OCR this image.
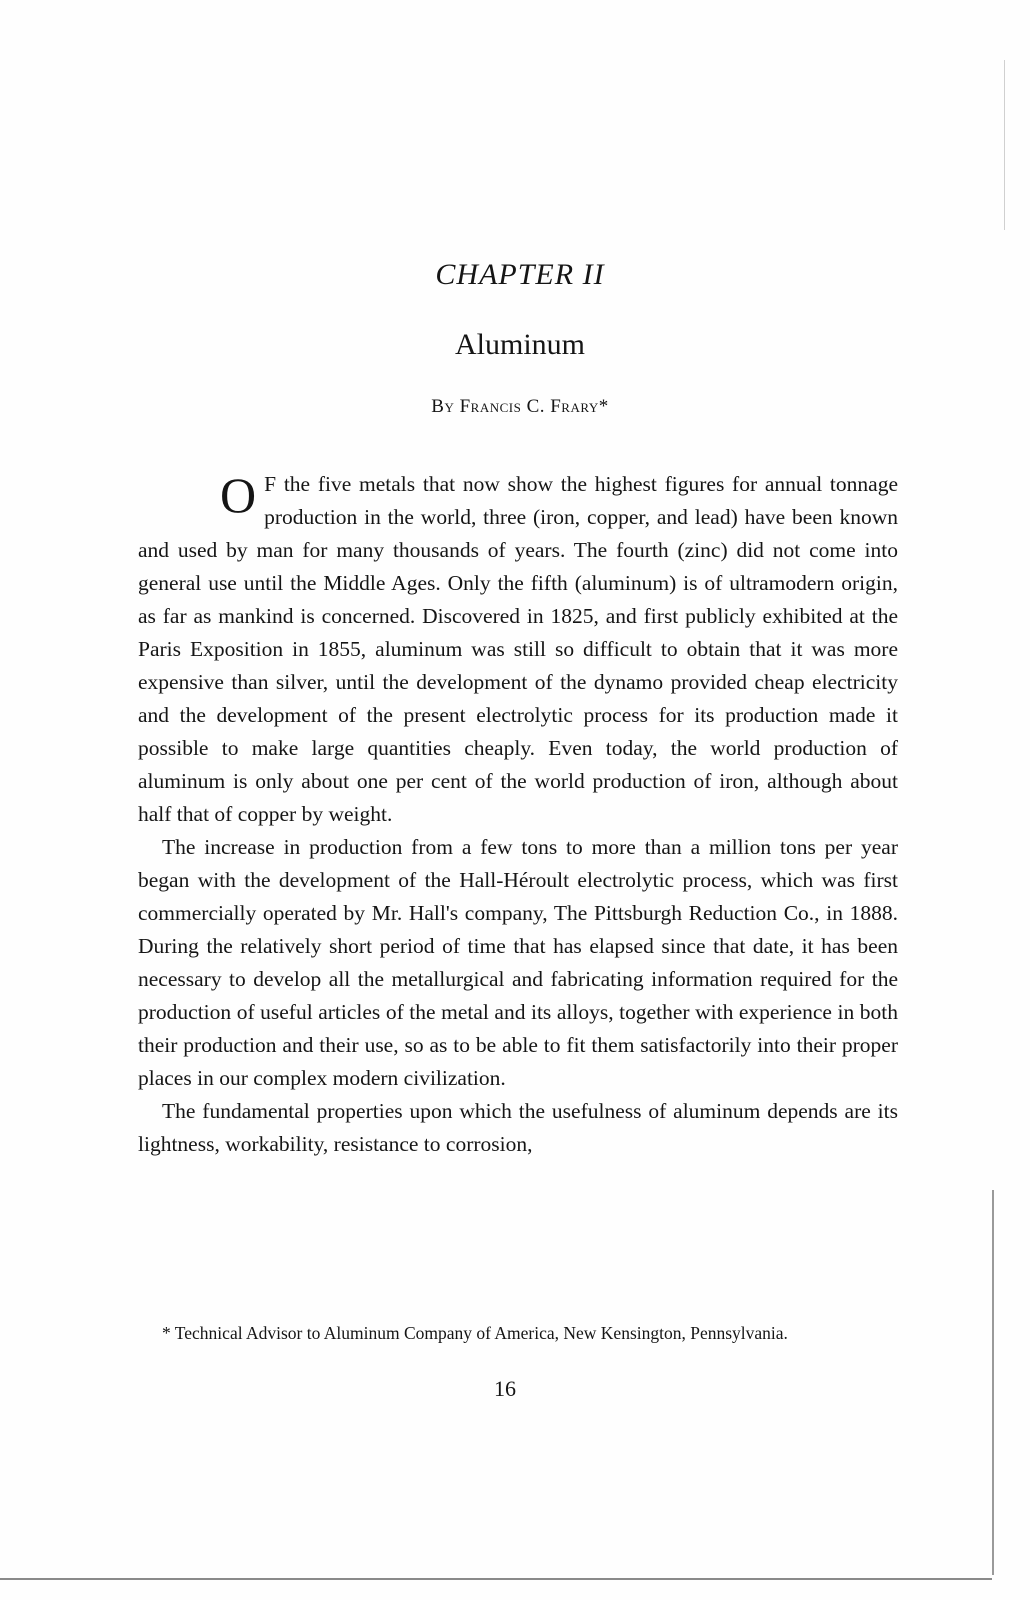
CHAPTER II
Aluminum
By Francis C. Frary*

O F the five metals that now show the highest figures for annual tonnage production in the world, three (iron, copper, and lead) have been known and used by man for many thousands of years. The fourth (zinc) did not come into general use until the Middle Ages. Only the fifth (aluminum) is of ultramodern origin, as far as mankind is concerned. Discovered in 1825, and first publicly exhibited at the Paris Exposition in 1855, aluminum was still so difficult to obtain that it was more expensive than silver, until the development of the dynamo provided cheap electricity and the development of the present electrolytic process for its production made it possible to make large quantities cheaply. Even today, the world production of aluminum is only about one per cent of the world production of iron, although about half that of copper by weight.

The increase in production from a few tons to more than a million tons per year began with the development of the Hall-Héroult electrolytic process, which was first commercially operated by Mr. Hall's company, The Pittsburgh Reduction Co., in 1888. During the relatively short period of time that has elapsed since that date, it has been necessary to develop all the metallurgical and fabricating information required for the production of useful articles of the metal and its alloys, together with experience in both their production and their use, so as to be able to fit them satisfactorily into their proper places in our complex modern civilization.

The fundamental properties upon which the usefulness of aluminum depends are its lightness, workability, resistance to corrosion,

* Technical Advisor to Aluminum Company of America, New Kensington, Pennsylvania.
16
